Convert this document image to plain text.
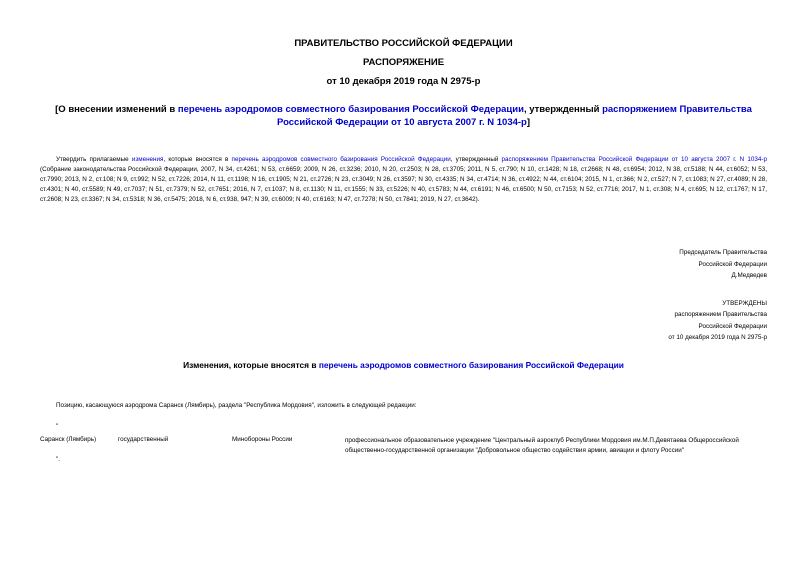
ПРАВИТЕЛЬСТВО РОССИЙСКОЙ ФЕДЕРАЦИИ
РАСПОРЯЖЕНИЕ
от 10 декабря 2019 года N 2975-р
[О внесении изменений в перечень аэродромов совместного базирования Российской Федерации, утвержденный распоряжением Правительства Российской Федерации от 10 августа 2007 г. N 1034-р]
Утвердить прилагаемые изменения, которые вносятся в перечень аэродромов совместного базирования Российской Федерации, утвержденный распоряжением Правительства Российской Федерации от 10 августа 2007 г. N 1034-р (Собрание законодательства Российской Федерации, 2007, N 34, ст.4261; N 53, ст.6659; 2009, N 26, ст.3236; 2010, N 20, ст.2503; N 28, ст.3705; 2011, N 5, ст.790; N 10, ст.1428; N 18, ст.2668; N 48, ст.6954; 2012, N 38, ст.5188; N 44, ст.6052; N 53, ст.7990; 2013, N 2, ст.108; N 9, ст.992; N 52, ст.7226; 2014, N 11, ст.1198; N 16, ст.1905; N 21, ст.2726; N 23, ст.3049; N 26, ст.3597; N 30, ст.4335; N 34, ст.4714; N 36, ст.4922; N 44, ст.6104; 2015, N 1, ст.366; N 2, ст.527; N 7, ст.1083; N 27, ст.4089; N 28, ст.4301; N 40, ст.5589; N 49, ст.7037; N 51, ст.7379; N 52, ст.7651; 2016, N 7, ст.1037; N 8, ст.1130; N 11, ст.1555; N 33, ст.5226; N 40, ст.5783; N 44, ст.6191; N 46, ст.6500; N 50, ст.7153; N 52, ст.7716; 2017, N 1, ст.308; N 4, ст.695; N 12, ст.1767; N 17, ст.2608; N 23, ст.3367; N 34, ст.5318; N 36, ст.5475; 2018, N 6, ст.938, 947; N 39, ст.6009; N 40, ст.6163; N 47, ст.7278; N 50, ст.7841; 2019, N 27, ст.3642).
Председатель Правительства
Российской Федерации
Д.Медведев
УТВЕРЖДЕНЫ
распоряжением Правительства
Российской Федерации
от 10 декабря 2019 года N 2975-р
Изменения, которые вносятся в перечень аэродромов совместного базирования Российской Федерации
Позицию, касающуюся аэродрома Саранск (Лямбирь), раздела "Республика Мордовия", изложить в следующей редакции:
"
Саранск (Лямбирь)	государственный	Минобороны России	профессиональное образовательное учреждение "Центральный аэроклуб Республики Мордовия им.М.П.Девятаева Общероссийской общественно-государственной организации "Добровольное общество содействия армии, авиации и флоту России"
".
